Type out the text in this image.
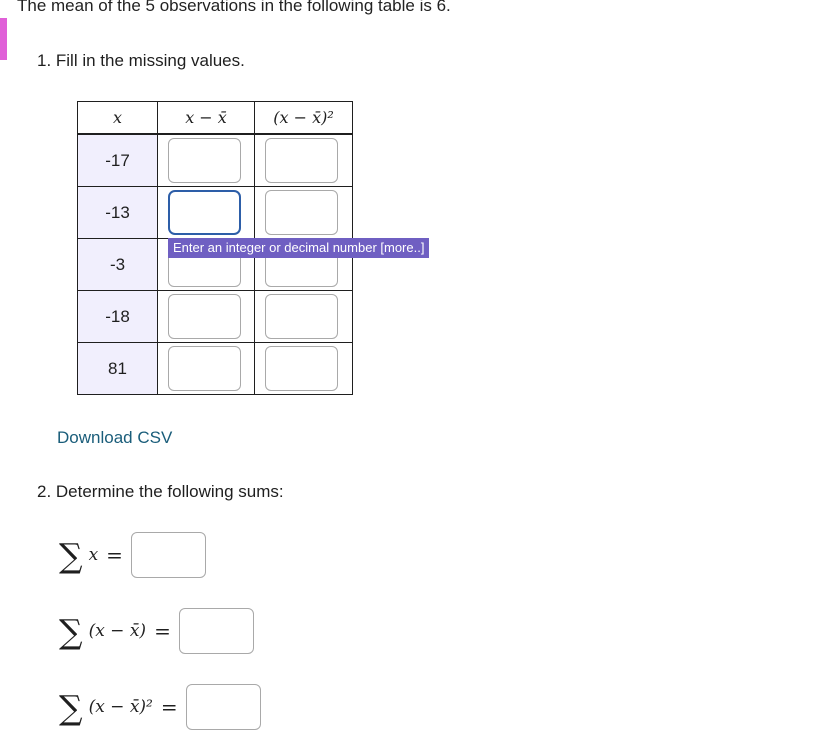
The mean of the 5 observations in the following table is 6.
1. Fill in the missing values.
x	x − x̄	(x − x̄)²
-17	

-13	

-3	

-18	

81	

Enter an integer or decimal number [more..]
Download CSV
2. Determine the following sums:
∑ x =
∑ (x − x̄) =
∑ (x − x̄)² =
